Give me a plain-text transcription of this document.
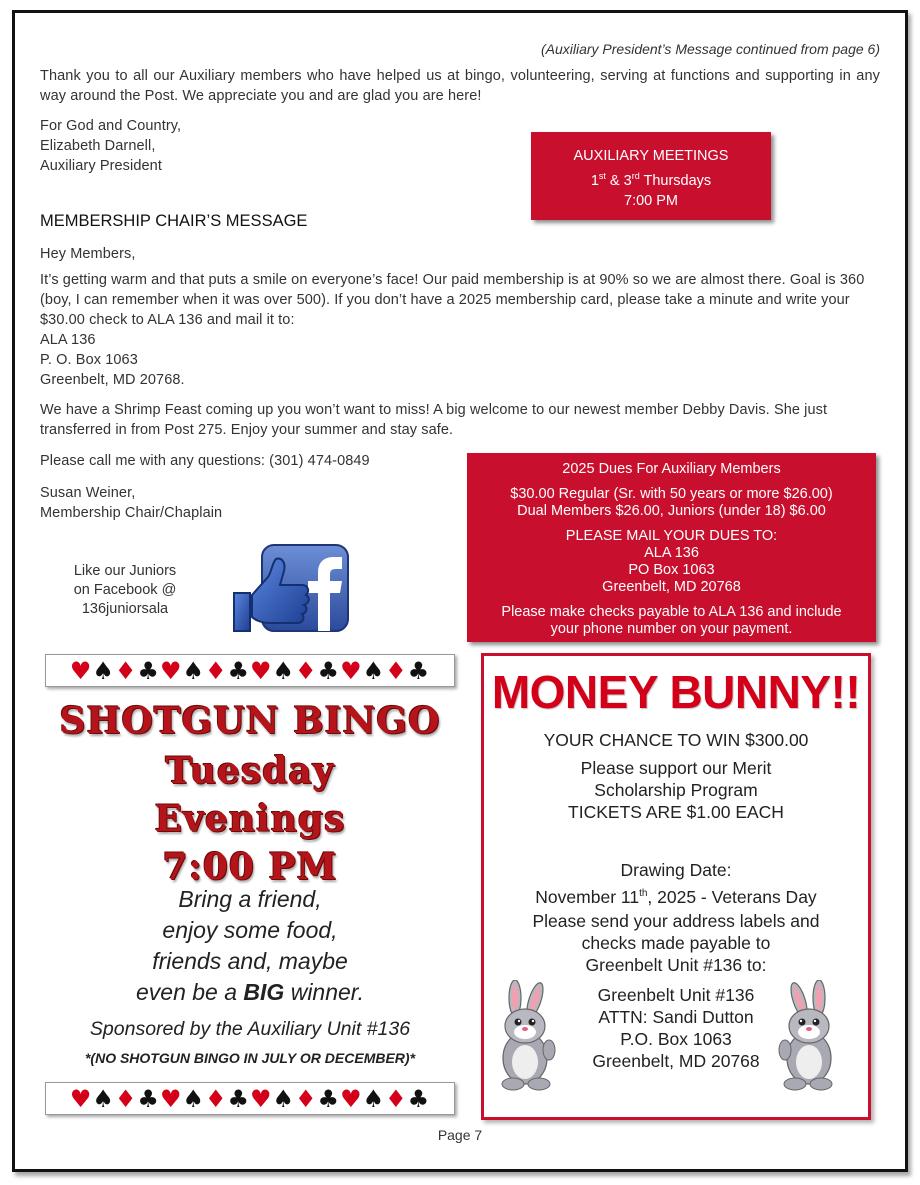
(Auxiliary President’s Message continued from page 6)
Thank you to all our Auxiliary members who have helped us at bingo, volunteering, serving at functions and supporting in any way around the Post. We appreciate you and are glad you are here!
For God and Country,
Elizabeth Darnell,
Auxiliary President
AUXILIARY MEETINGS
1st & 3rd Thursdays
7:00 PM
MEMBERSHIP CHAIR’S MESSAGE
Hey Members,
It’s getting warm and that puts a smile on everyone’s face! Our paid membership is at 90% so we are almost there. Goal is 360 (boy, I can remember when it was over 500). If you don’t have a 2025 membership card, please take a minute and write your $30.00 check to ALA 136 and mail it to:
ALA 136
P. O. Box 1063
Greenbelt, MD 20768.
We have a Shrimp Feast coming up you won’t want to miss! A big welcome to our newest member Debby Davis. She just transferred in from Post 275. Enjoy your summer and stay safe.
Please call me with any questions: (301) 474-0849
Susan Weiner,
Membership Chair/Chaplain
2025 Dues For Auxiliary Members
$30.00 Regular (Sr. with 50 years or more $26.00)
Dual Members $26.00, Juniors (under 18) $6.00
PLEASE MAIL YOUR DUES TO:
ALA 136
PO Box 1063
Greenbelt, MD 20768
Please make checks payable to ALA 136 and include
your phone number on your payment.
Like our Juniors
on Facebook @
136juniorsala
♥ ♠ ♦ ♣ ♥ ♠ ♦ ♣ ♥ ♠ ♦ ♣ ♥ ♠ ♦ ♣
SHOTGUN BINGO
Tuesday
Evenings
7:00 PM
Bring a friend,
enjoy some food,
friends and, maybe
even be a BIG winner.
Sponsored by the Auxiliary Unit #136
*(NO SHOTGUN BINGO IN JULY OR DECEMBER)*
♥ ♠ ♦ ♣ ♥ ♠ ♦ ♣ ♥ ♠ ♦ ♣ ♥ ♠ ♦ ♣
MONEY BUNNY!!
YOUR CHANCE TO WIN $300.00
Please support our Merit
Scholarship Program
TICKETS ARE $1.00 EACH
Drawing Date:
November 11th, 2025 - Veterans Day
Please send your address labels and
checks made payable to
Greenbelt Unit #136 to:
Greenbelt Unit #136
ATTN: Sandi Dutton
P.O. Box 1063
Greenbelt, MD 20768
Page 7
